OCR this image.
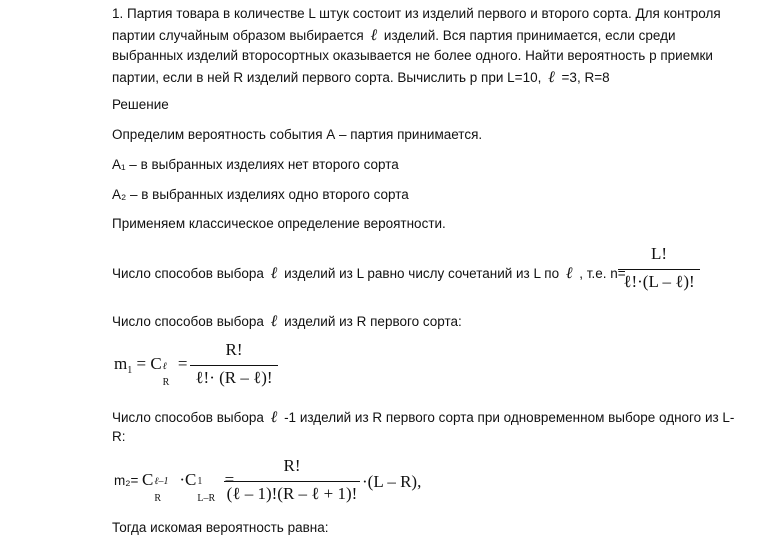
1. Партия товара в количестве L штук состоит из изделий первого и второго сорта. Для контроля
партии случайным образом выбирается ℓ изделий. Вся партия принимается, если среди
выбранных изделий второсортных оказывается не более одного. Найти вероятность р приемки
партии, если в ней R изделий первого сорта. Вычислить р при L=10, ℓ =3, R=8
Решение
Определим вероятность события А – партия принимается.
А₁ – в выбранных изделиях нет второго сорта
А₂ – в выбранных изделиях одно второго сорта
Применяем классическое определение вероятности.
Число способов выбора ℓ изделий из L равно числу сочетаний из L по ℓ , т.е. n=
L!
ℓ!·(L – ℓ)!
Число способов выбора ℓ изделий из R первого сорта:
$m_1 = C$ ℓ
R
=
R!
ℓ!· (R – ℓ)!
Число способов выбора ℓ -1 изделий из R первого сорта при одновременном выборе одного из L-
R:
m₂= C ℓ–1
R
·C 1
L–R
=
R!
(ℓ – 1)!(R – ℓ + 1)!
·(L – R),
Тогда искомая вероятность равна:
